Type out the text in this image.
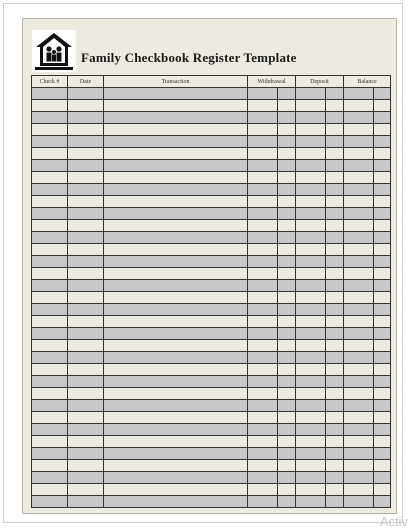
Family Checkbook Register Template
Check #	Date	Transaction	Withdrawal		Deposit		Balance	

Activ
